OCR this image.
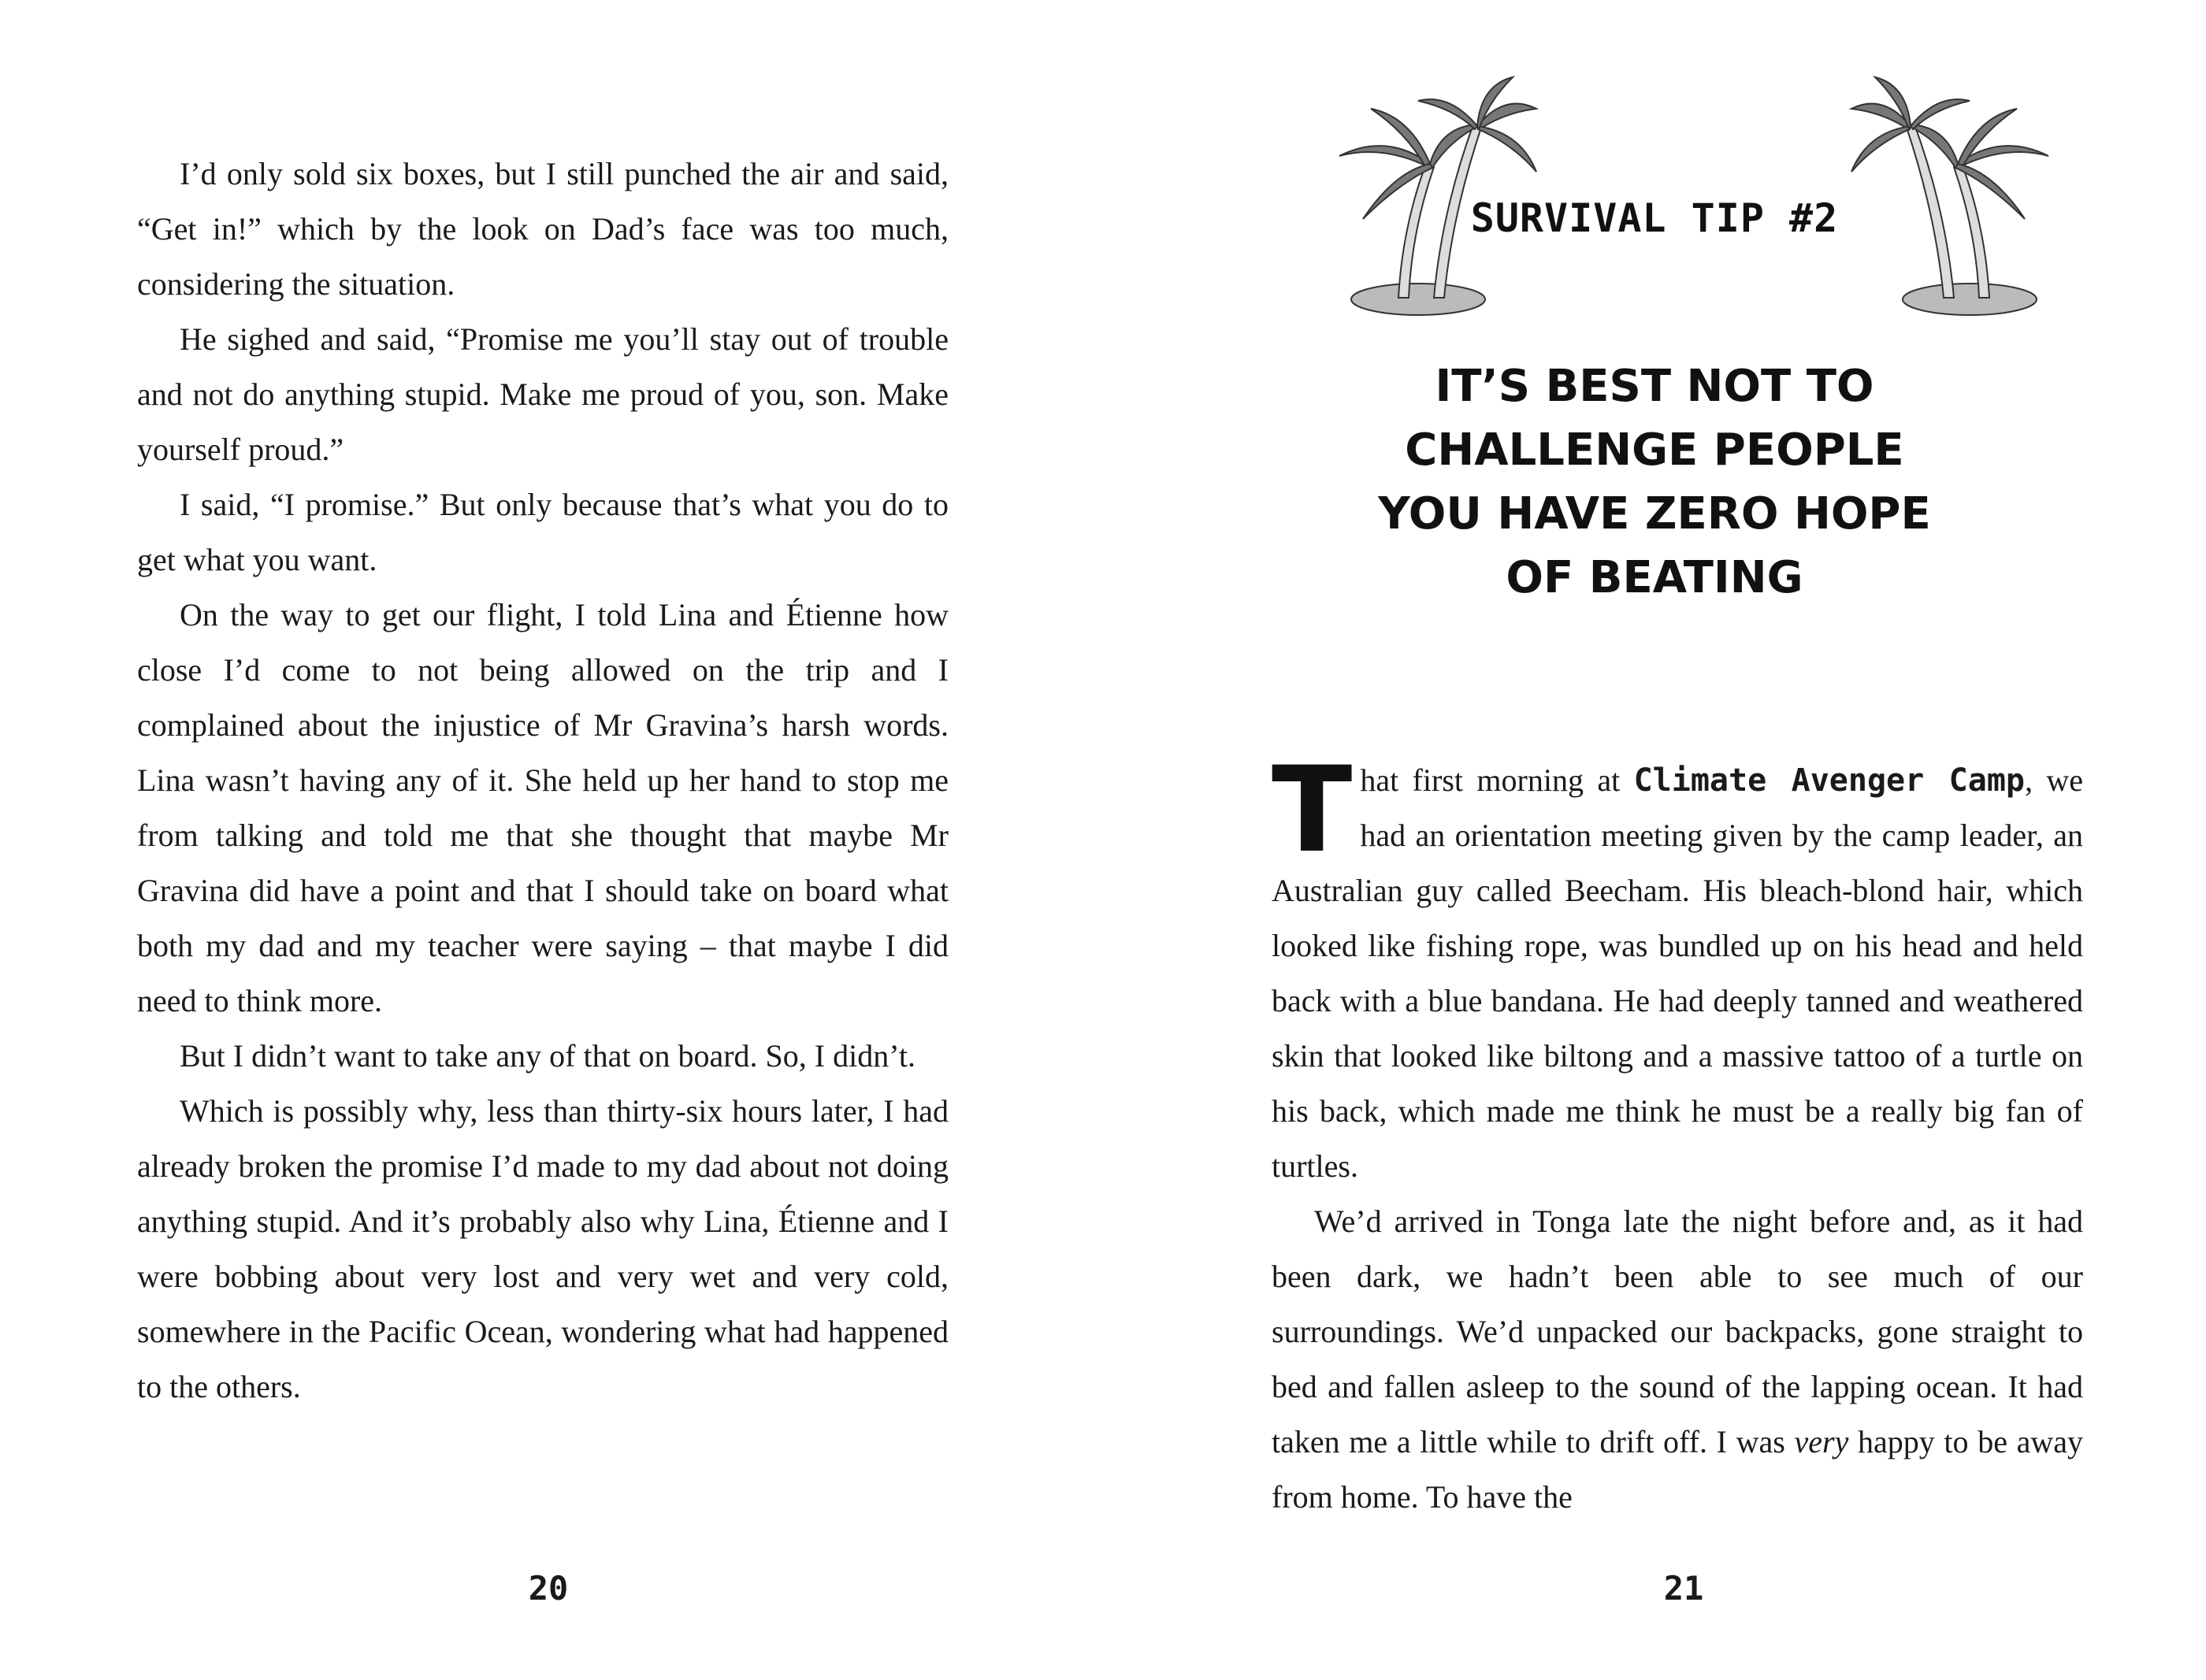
I’d only sold six boxes, but I still punched the air and said, “Get in!” which by the look on Dad’s face was too much, considering the situation.

He sighed and said, “Promise me you’ll stay out of trouble and not do anything stupid. Make me proud of you, son. Make yourself proud.”

I said, “I promise.” But only because that’s what you do to get what you want.

On the way to get our flight, I told Lina and Étienne how close I’d come to not being allowed on the trip and I complained about the injustice of Mr Gravina’s harsh words. Lina wasn’t having any of it. She held up her hand to stop me from talking and told me that she thought that maybe Mr Gravina did have a point and that I should take on board what both my dad and my teacher were saying – that maybe I did need to think more.

But I didn’t want to take any of that on board. So, I didn’t.

Which is possibly why, less than thirty-six hours later, I had already broken the promise I’d made to my dad about not doing anything stupid. And it’s probably also why Lina, Étienne and I were bobbing about very lost and very wet and very cold, somewhere in the Pacific Ocean, wondering what had happened to the others.

20
SURVIVAL TIP #2
IT’S BEST NOT TO
CHALLENGE PEOPLE
YOU HAVE ZERO HOPE
OF BEATING

That first morning at Climate Avenger Camp, we had an orientation meeting given by the camp leader, an Australian guy called Beecham. His bleach-blond hair, which looked like fishing rope, was bundled up on his head and held back with a blue bandana. He had deeply tanned and weathered skin that looked like biltong and a massive tattoo of a turtle on his back, which made me think he must be a really big fan of turtles.

We’d arrived in Tonga late the night before and, as it had been dark, we hadn’t been able to see much of our surroundings. We’d unpacked our backpacks, gone straight to bed and fallen asleep to the sound of the lapping ocean. It had taken me a little while to drift off. I was very happy to be away from home. To have the

21
